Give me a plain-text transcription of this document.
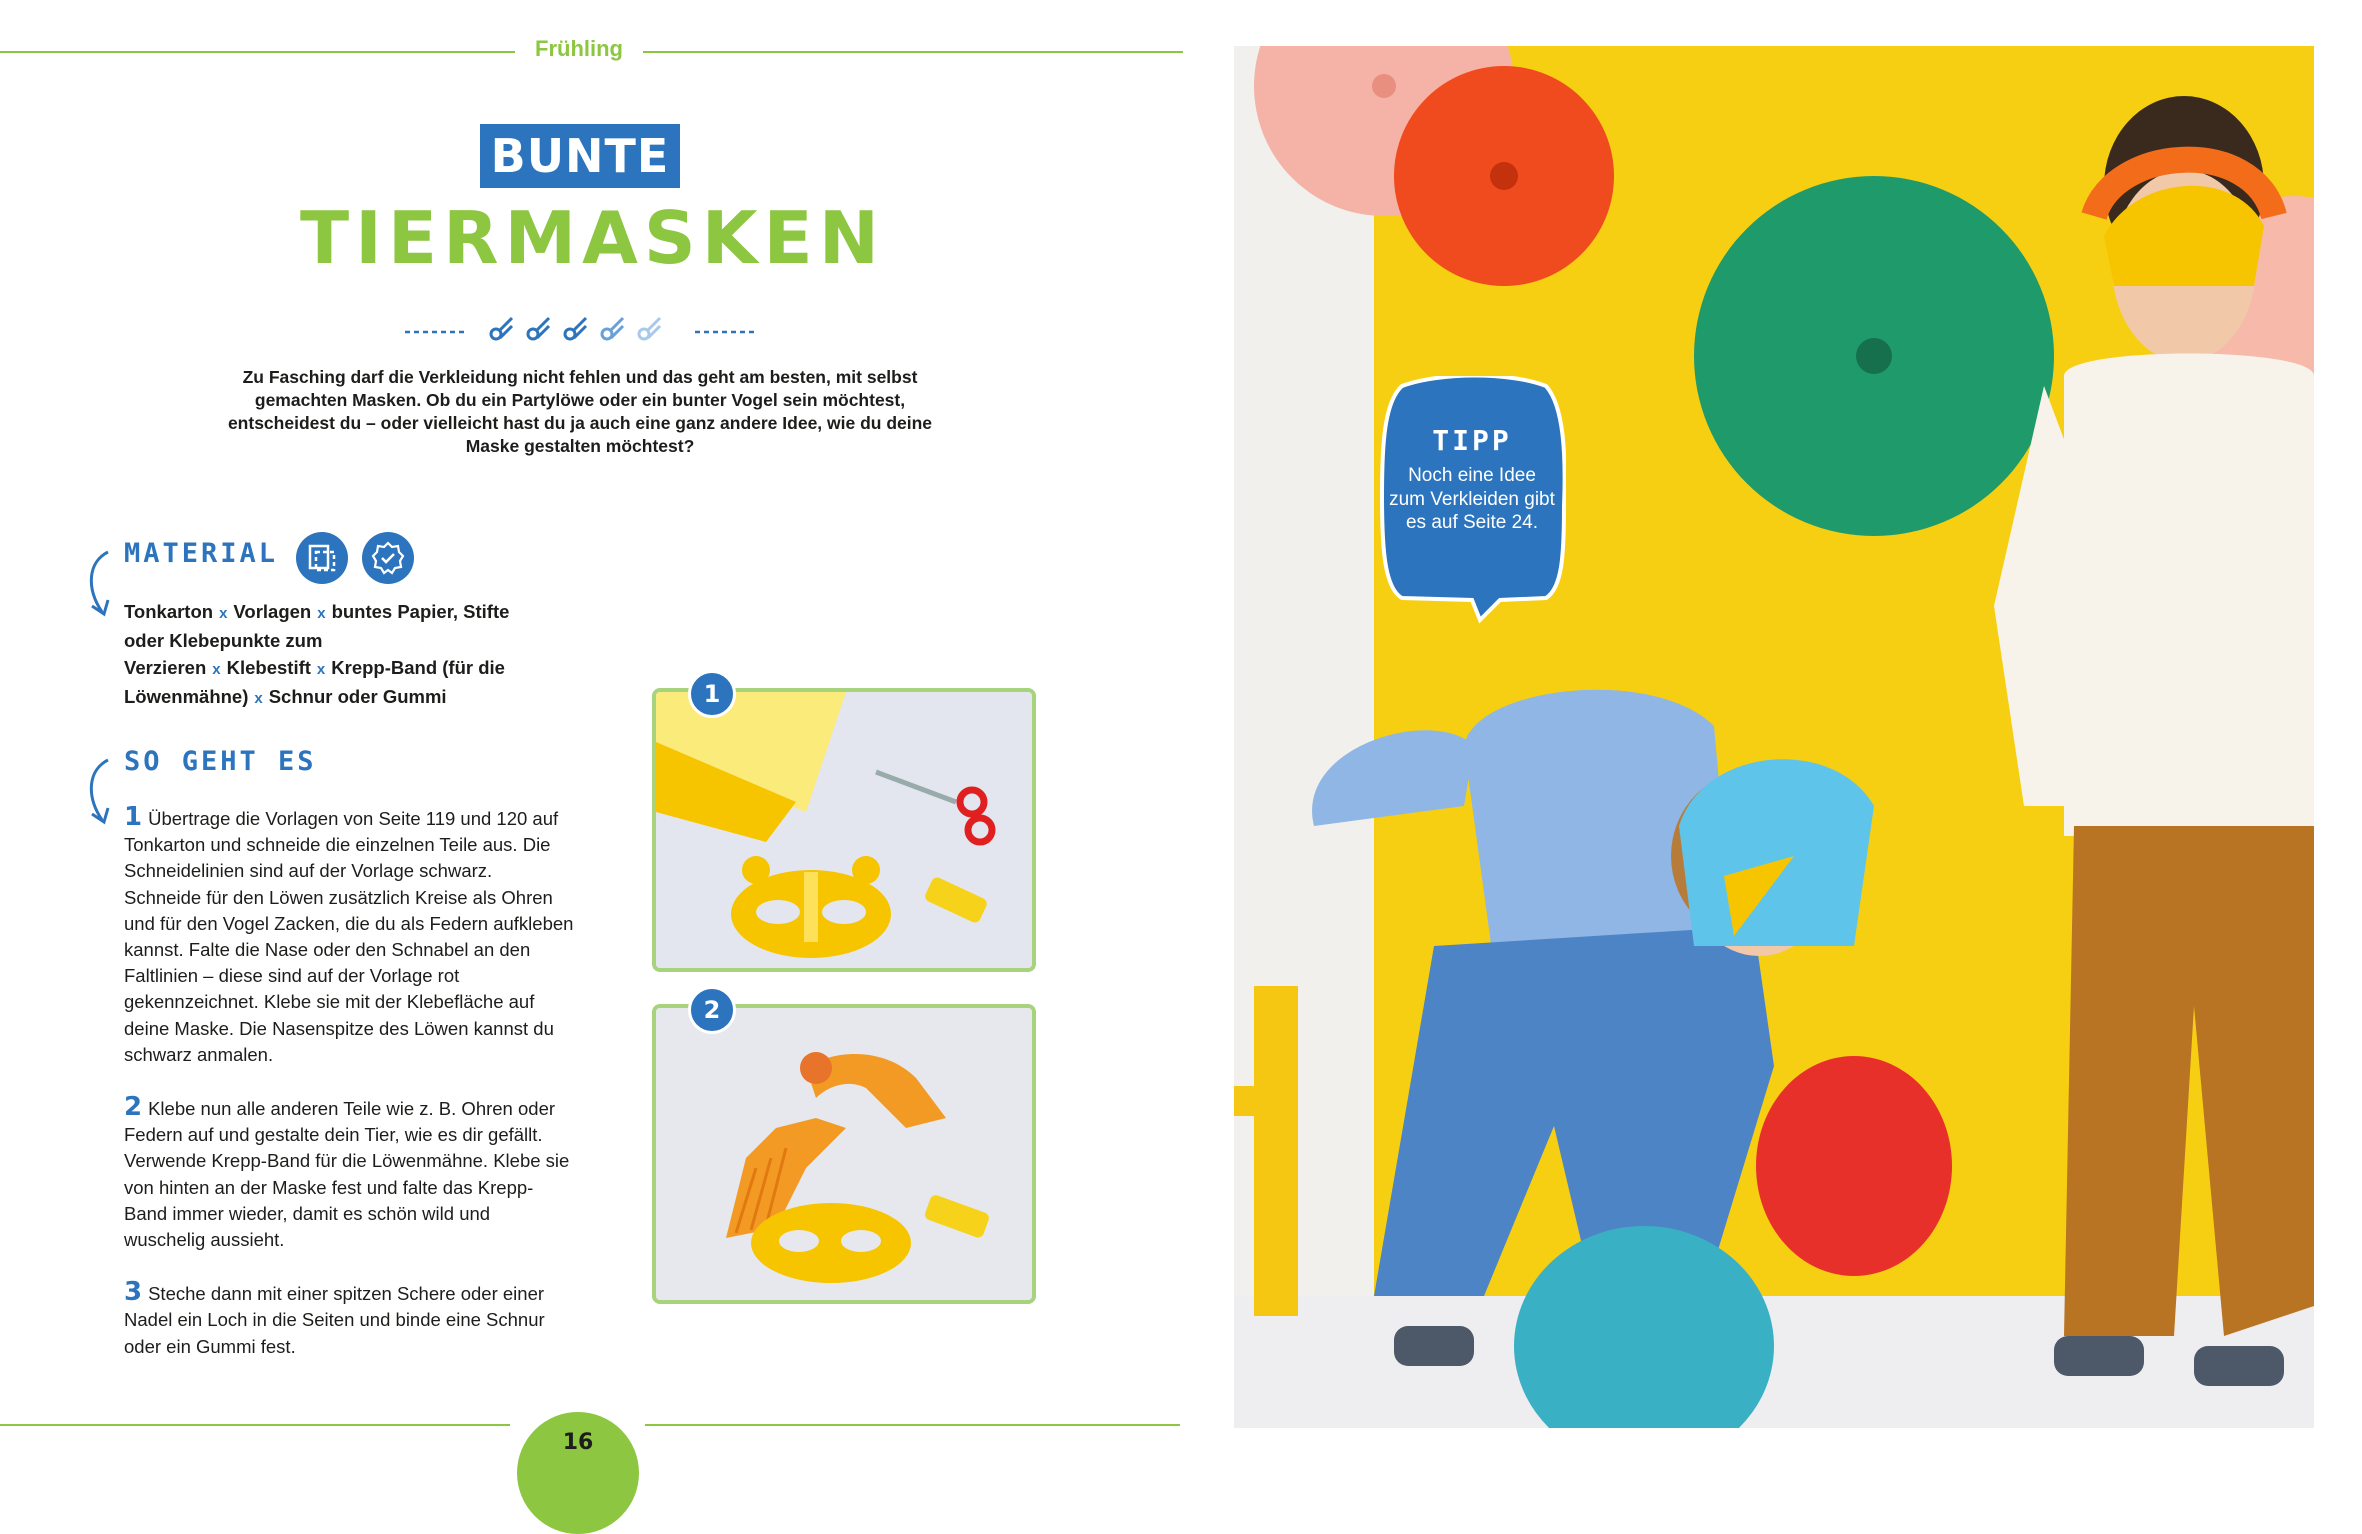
Frühling
BUNTE
TIERMASKEN
Zu Fasching darf die Verkleidung nicht fehlen und das geht am besten, mit selbst gemachten Masken. Ob du ein Partylöwe oder ein bunter Vogel sein möchtest, entscheidest du – oder vielleicht hast du ja auch eine ganz andere Idee, wie du deine Maske gestalten möchtest?
MATERIAL
Tonkarton x Vorlagen x buntes Papier, Stifte oder Klebepunkte zum Verzieren x Klebestift x Krepp-Band (für die Löwenmähne) x Schnur oder Gummi
SO GEHT ES

1 Übertrage die Vorlagen von Seite 119 und 120 auf Tonkarton und schneide die einzelnen Teile aus. Die Schneidelinien sind auf der Vorlage schwarz. Schneide für den Löwen zusätzlich Kreise als Ohren und für den Vogel Zacken, die du als Federn aufkleben kannst. Falte die Nase oder den Schnabel an den Faltlinien – diese sind auf der Vorlage rot gekennzeichnet. Klebe sie mit der Klebefläche auf deine Maske. Die Nasenspitze des Löwen kannst du schwarz anmalen.

2 Klebe nun alle anderen Teile wie z. B. Ohren oder Federn auf und gestalte dein Tier, wie es dir gefällt. Verwende Krepp-Band für die Löwenmähne. Klebe sie von hinten an der Maske fest und falte das Krepp-Band immer wieder, damit es schön wild und wuschelig aussieht.

3 Steche dann mit einer spitzen Schere oder einer Nadel ein Loch in die Seiten und binde eine Schnur oder ein Gummi fest.

1
2
16
TIPP
Noch eine Idee zum Verkleiden gibt es auf Seite 24.
